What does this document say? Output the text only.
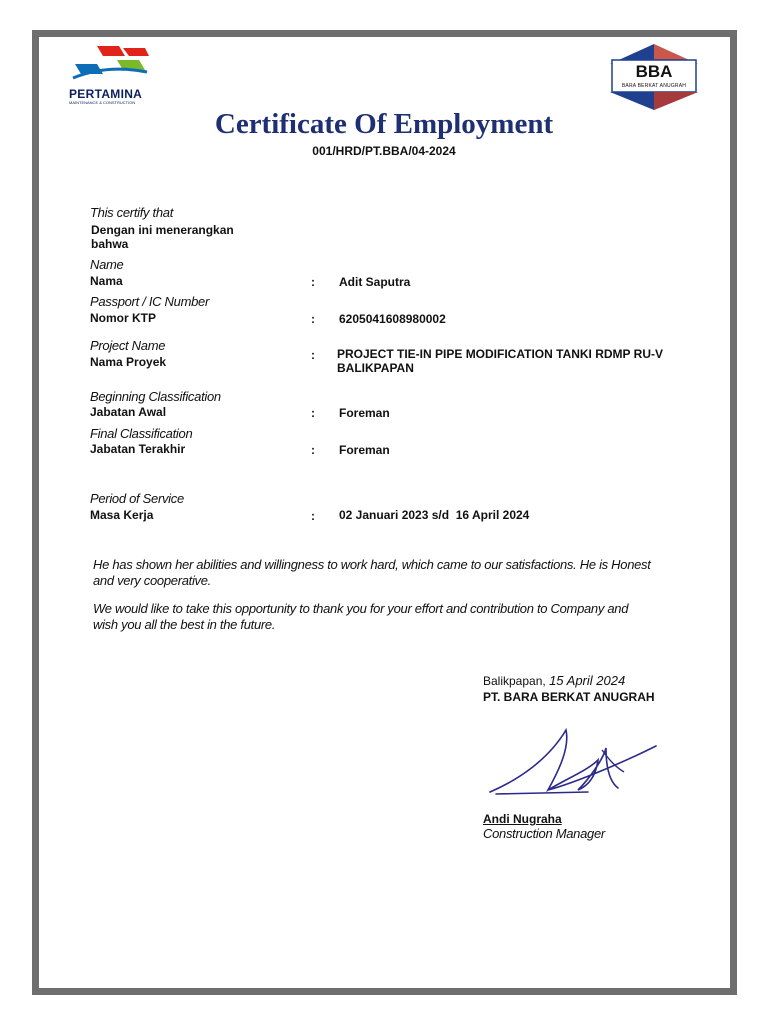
PERTAMINA
MAINTENANCE & CONSTRUCTION
BBA
BARA BERKAT ANUGRAH
Certificate Of Employment
001/HRD/PT.BBA/04-2024
This certify that
Dengan ini menerangkan bahwa
Name
Nama	: Adit Saputra
Passport / IC Number
Nomor KTP	: 6205041608980002
Project Name
Nama Proyek	: PROJECT TIE-IN PIPE MODIFICATION TANKI RDMP RU-V BALIKPAPAN
Beginning Classification
Jabatan Awal	: Foreman
Final Classification
Jabatan Terakhir	: Foreman
Period of Service
Masa Kerja	: 02 Januari 2023 s/d  16 April 2024
He has shown her abilities and willingness to work hard, which came to our satisfactions. He is Honest and very cooperative.
We would like to take this opportunity to thank you for your effort and contribution to Company and wish you all the best in the future.
Balikpapan, 15 April 2024
PT. BARA BERKAT ANUGRAH
Andi Nugraha
Construction Manager
